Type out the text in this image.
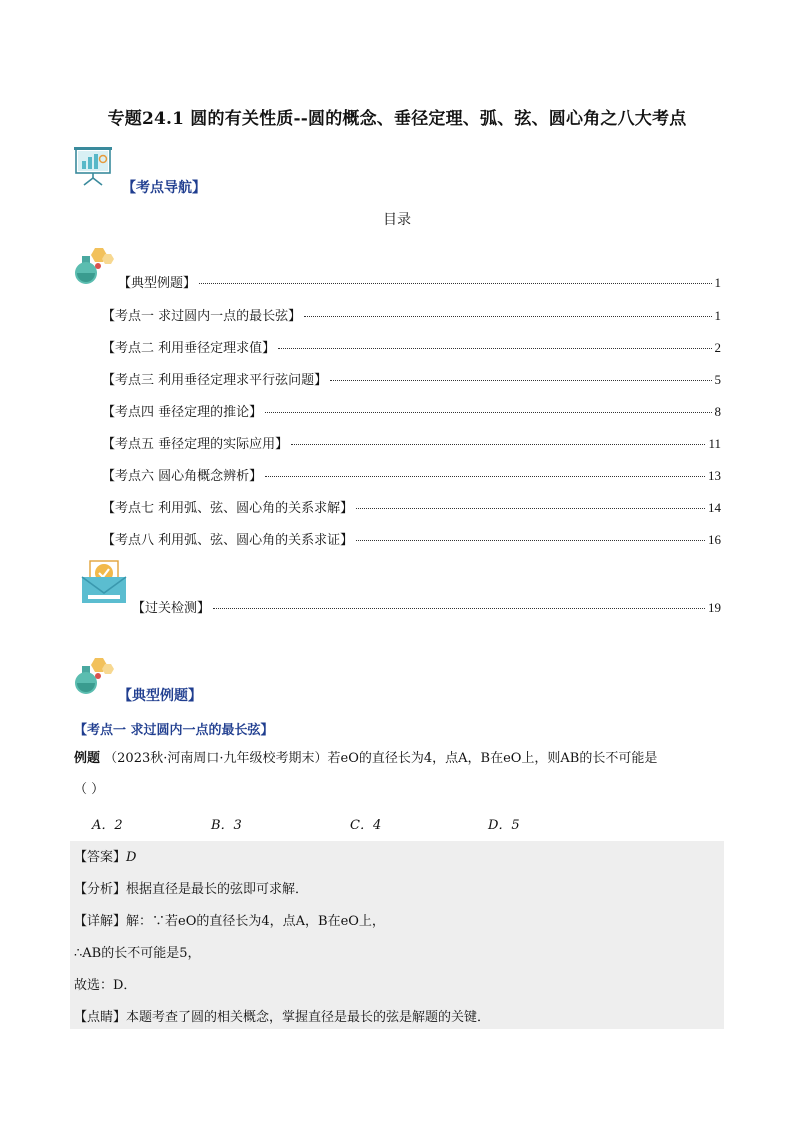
专题24.1 圆的有关性质--圆的概念、垂径定理、弧、弦、圆心角之八大考点
【考点导航】
目录
【典型例题】	1
【考点一 求过圆内一点的最长弦】	1
【考点二 利用垂径定理求值】	2
【考点三 利用垂径定理求平行弦问题】	5
【考点四 垂径定理的推论】	8
【考点五 垂径定理的实际应用】	11
【考点六 圆心角概念辨析】	13
【考点七 利用弧、弦、圆心角的关系求解】	14
【考点八 利用弧、弦、圆心角的关系求证】	16
【过关检测】	19
【典型例题】
【考点一 求过圆内一点的最长弦】
例题 （2023秋·河南周口·九年级校考期末）若eO的直径长为4，点A，B在eO上，则AB的长不可能是
（ ）
A．2	B．3	C．4	D．5
【答案】D
【分析】根据直径是最长的弦即可求解．
【详解】解：∵若eO的直径长为4，点A，B在eO上，
∴AB的长不可能是5，
故选：D．
【点睛】本题考查了圆的相关概念，掌握直径是最长的弦是解题的关键．
